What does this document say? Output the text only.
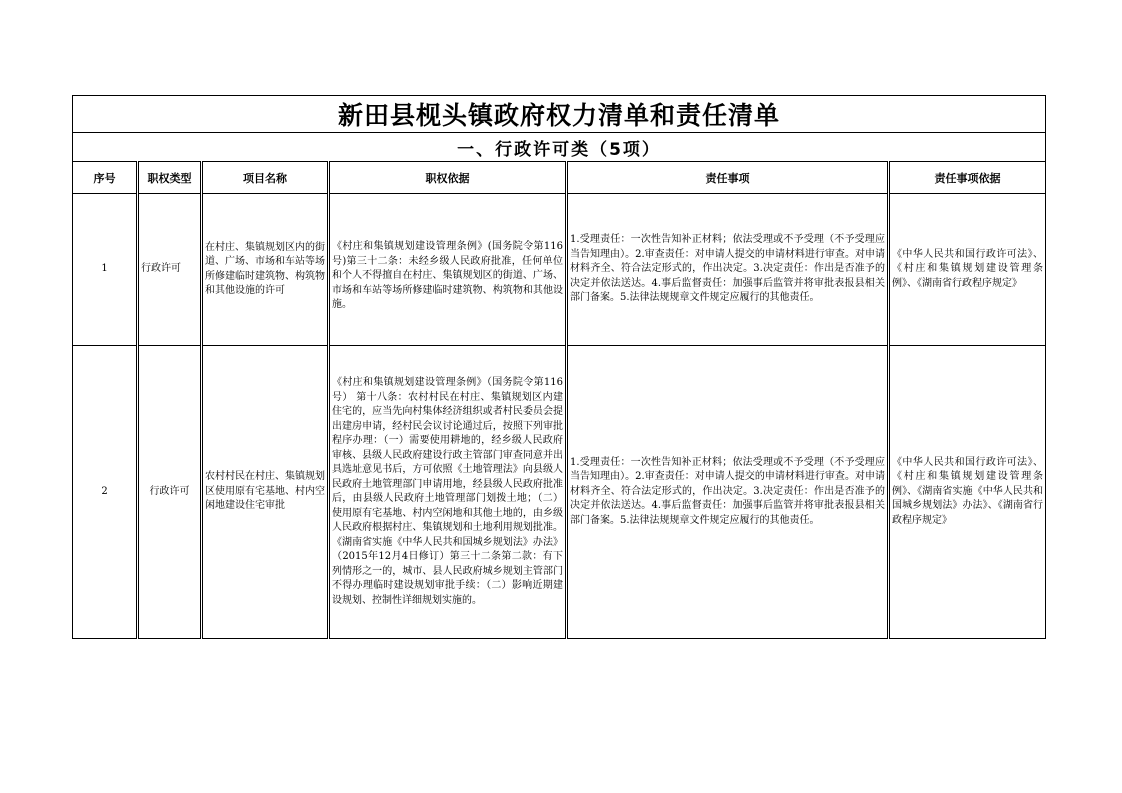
新田县枧头镇政府权力清单和责任清单					
一、行政许可类（5项）					
序号	职权类型	项目名称	职权依据	责任事项	责任事项依据
1	行政许可	在村庄、集镇规划区内的街道、广场、市场和车站等场所修建临时建筑物、构筑物和其他设施的许可	《村庄和集镇规划建设管理条例》(国务院令第116号)第三十二条：未经乡级人民政府批准，任何单位和个人不得擅自在村庄、集镇规划区的街道、广场、市场和车站等场所修建临时建筑物、构筑物和其他设施。	1.受理责任：一次性告知补正材料；依法受理或不予受理（不予受理应当告知理由）。2.审查责任：对申请人提交的申请材料进行审查。对申请材料齐全、符合法定形式的，作出决定。3.决定责任：作出是否准予的决定并依法送达。4.事后监督责任：加强事后监管并将审批表报县相关部门备案。5.法律法规规章文件规定应履行的其他责任。	《中华人民共和国行政许可法》、《村庄和集镇规划建设管理条例》、《湖南省行政程序规定》

2	行政许可	农村村民在村庄、集镇规划区使用原有宅基地、村内空闲地建设住宅审批	《村庄和集镇规划建设管理条例》（国务院令第116号） 第十八条：农村村民在村庄、集镇规划区内建住宅的，应当先向村集体经济组织或者村民委员会提出建房申请，经村民会议讨论通过后，按照下列审批程序办理：（一）需要使用耕地的，经乡级人民政府审核、县级人民政府建设行政主管部门审查同意并出具选址意见书后，方可依照《土地管理法》向县级人民政府土地管理部门申请用地，经县级人民政府批准后，由县级人民政府土地管理部门划拨土地；（二）使用原有宅基地、村内空闲地和其他土地的，由乡级人民政府根据村庄、集镇规划和土地利用规划批准。《湖南省实施《中华人民共和国城乡规划法》办法》（2015年12月4日修订）第三十二条第二款：有下列情形之一的，城市、县人民政府城乡规划主管部门不得办理临时建设规划审批手续：（二）影响近期建设规划、控制性详细规划实施的。	1.受理责任：一次性告知补正材料；依法受理或不予受理（不予受理应当告知理由）。2.审查责任：对申请人提交的申请材料进行审查。对申请材料齐全、符合法定形式的，作出决定。3.决定责任：作出是否准予的决定并依法送达。4.事后监督责任：加强事后监管并将审批表报县相关部门备案。5.法律法规规章文件规定应履行的其他责任。	《中华人民共和国行政许可法》、《村庄和集镇规划建设管理条例》、《湖南省实施《中华人民共和国城乡规划法》办法》、《湖南省行政程序规定》
